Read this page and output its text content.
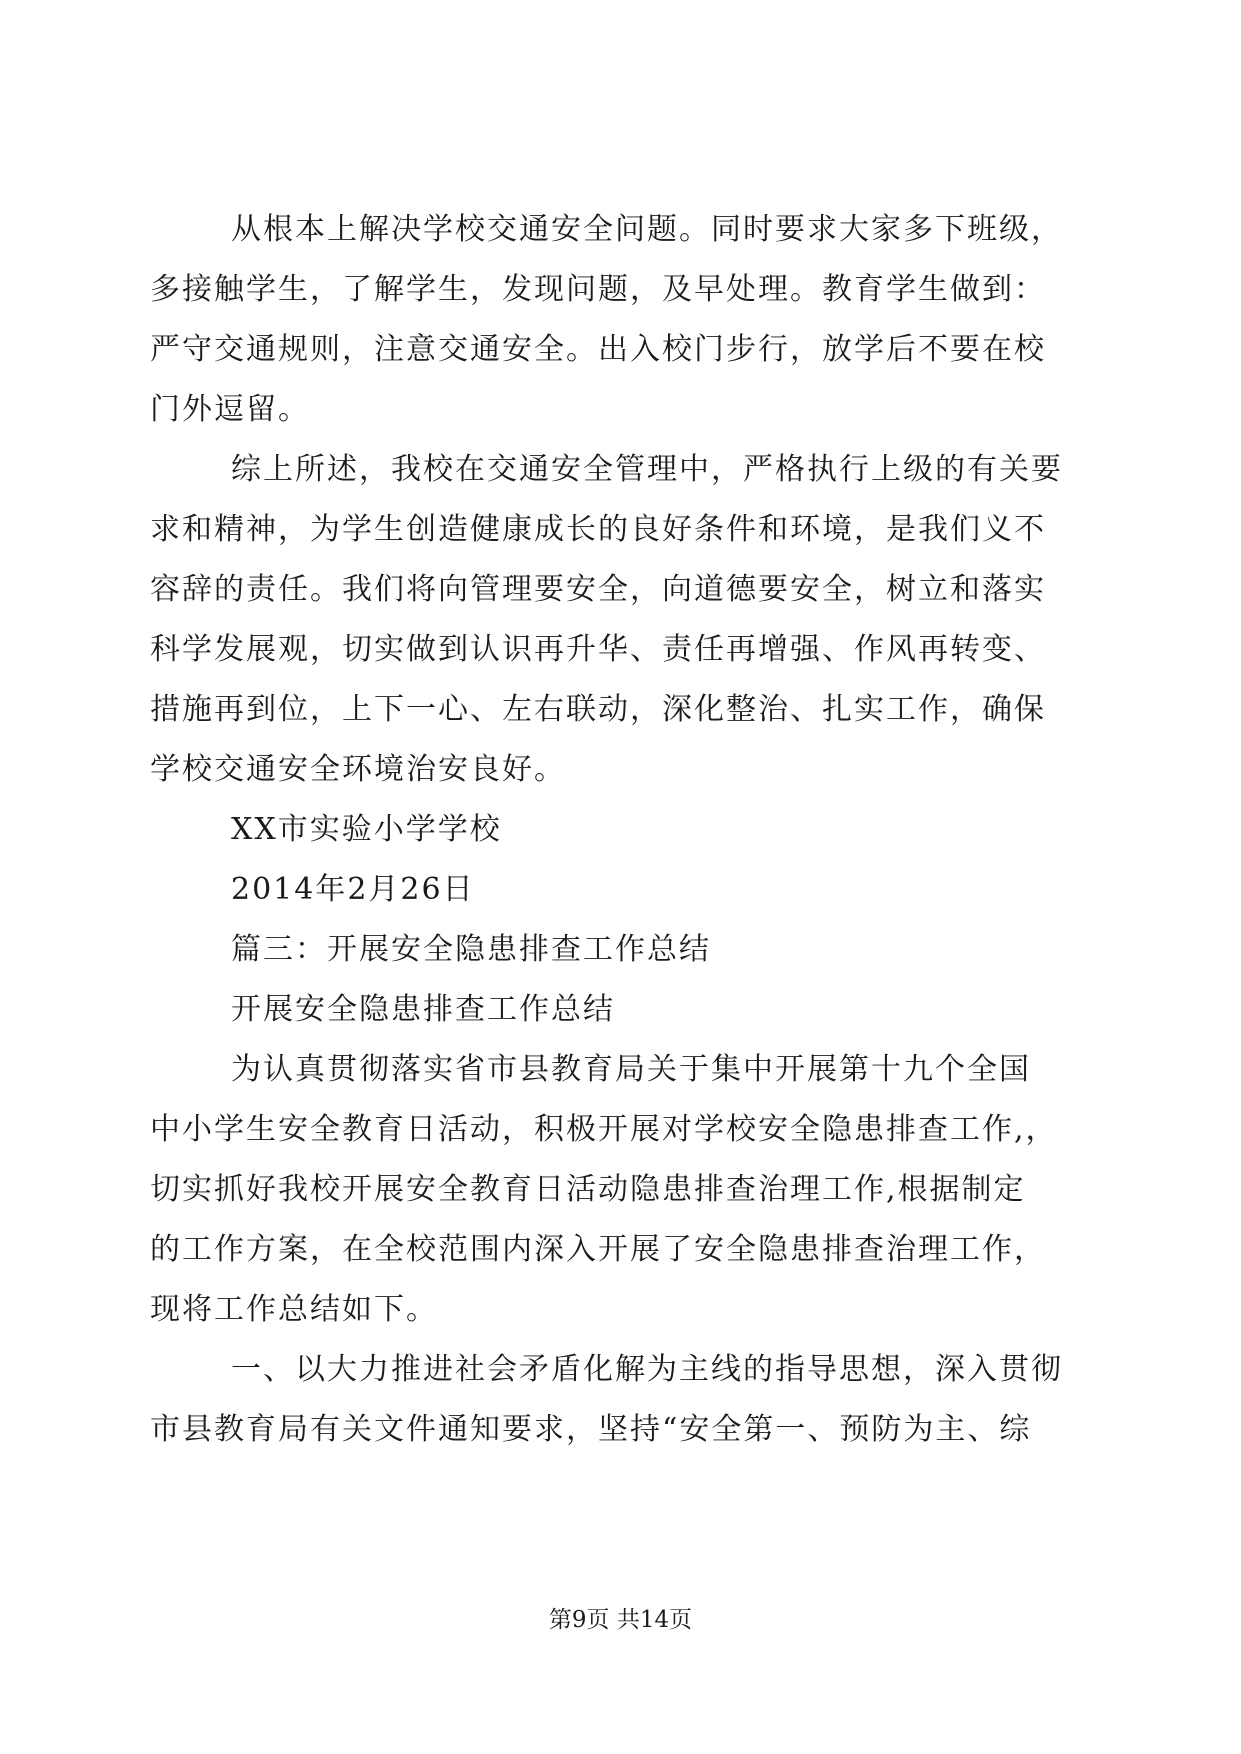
从根本上解决学校交通安全问题。同时要求大家多下班级，
多接触学生，了解学生，发现问题，及早处理。教育学生做到：
严守交通规则，注意交通安全。出入校门步行，放学后不要在校
门外逗留。
综上所述，我校在交通安全管理中，严格执行上级的有关要
求和精神，为学生创造健康成长的良好条件和环境，是我们义不
容辞的责任。我们将向管理要安全，向道德要安全，树立和落实
科学发展观，切实做到认识再升华、责任再增强、作风再转变、
措施再到位，上下一心、左右联动，深化整治、扎实工作，确保
学校交通安全环境治安良好。
XX市实验小学学校
2014年2月26日
篇三：开展安全隐患排查工作总结
开展安全隐患排查工作总结
为认真贯彻落实省市县教育局关于集中开展第十九个全国
中小学生安全教育日活动，积极开展对学校安全隐患排查工作,，
切实抓好我校开展安全教育日活动隐患排查治理工作,根据制定
的工作方案，在全校范围内深入开展了安全隐患排查治理工作，
现将工作总结如下。
一、以大力推进社会矛盾化解为主线的指导思想，深入贯彻
市县教育局有关文件通知要求，坚持“安全第一、预防为主、综
第9页 共14页
